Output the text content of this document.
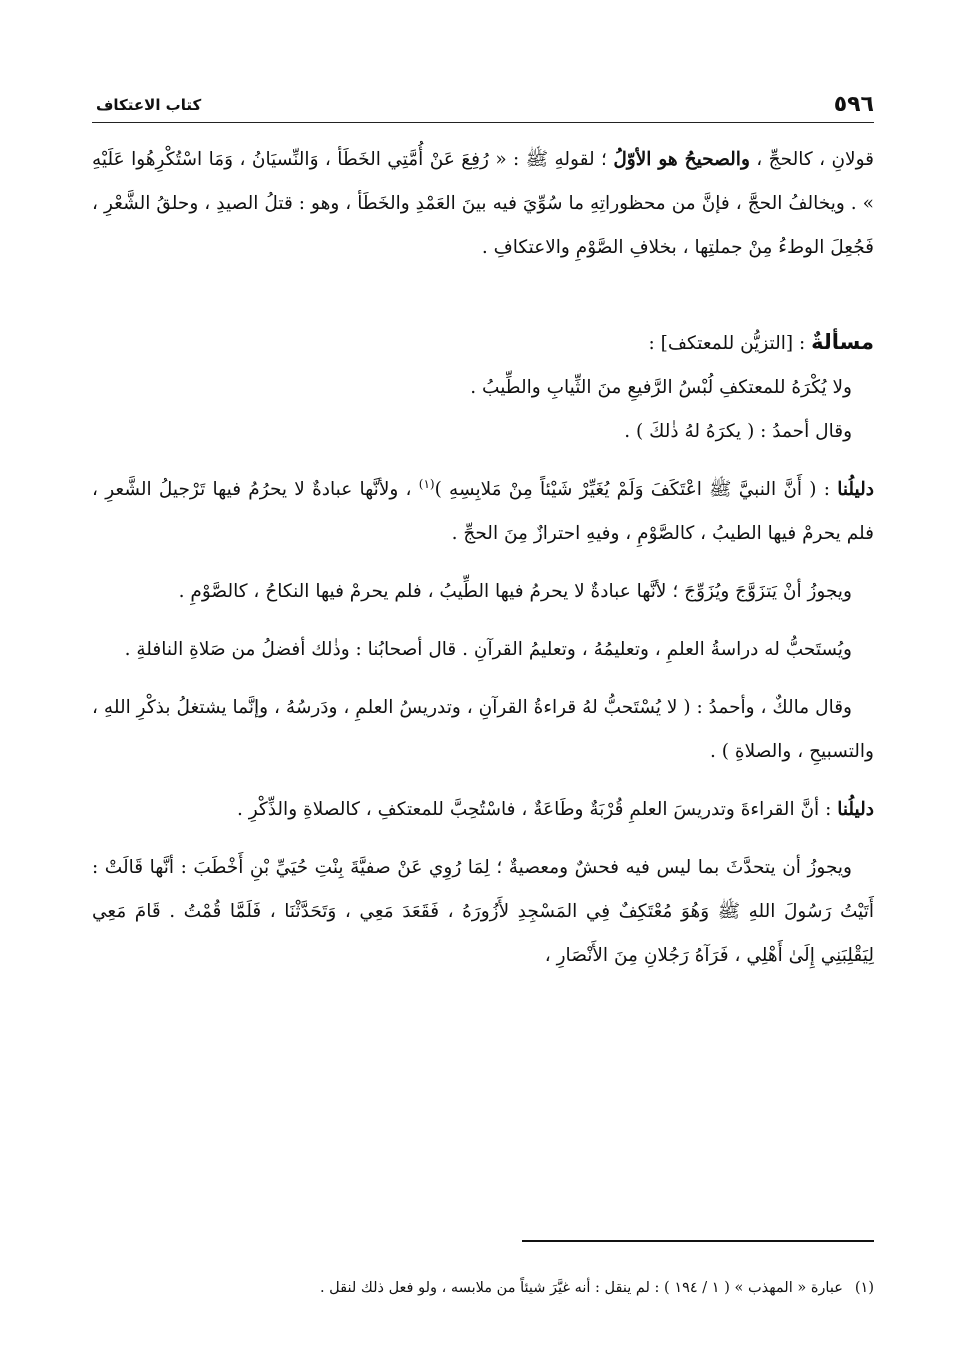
٥٩٦
كتاب الاعتكاف

قولانِ ، كالحجِّ ، والصحيحُ هو الأوّلُ ؛ لقولهِ ﷺ : « رُفِعَ عَنْ أُمَّتِي الخَطَأ ، وَالنِّسيَانُ ، وَمَا اسْتُكْرِهُوا عَلَيْهِ » . ويخالفُ الحجَّ ، فإنَّ من محظوراتِهِ ما سُوِّيَ فيه بينَ العَمْدِ والخَطَأ ، وهو : قتلُ الصيدِ ، وحلقُ الشَّعْرِ ، فَجُعِلَ الوطءُ مِنْ جملتِها ، بخلافِ الصَّوْمِ والاعتكافِ .

مسألةٌ : [التزيُّن للمعتكف] :

ولا يُكْرَهُ للمعتكفِ لُبْسُ الرَّفيعِ منَ الثِّيابِ والطِّيبُ .

وقال أحمدُ : ( يكرَهُ لهُ ذٰلكَ ) .

دليلُنا : ( أَنَّ النبيَّ ﷺ اعْتَكَفَ وَلَمْ يُغَيِّرْ شَيْئاً مِنْ مَلابِسِهِ )$^{(١)}$ ، ولأنَّها عبادةٌ لا يحرُمُ فيها تَرْجيلُ الشَّعرِ ، فلم يحرمْ فيها الطيبُ ، كالصَّوْمِ ، وفيهِ احترازٌ مِنَ الحجِّ .

ويجوزُ أنْ يَتزَوَّجَ ويُزَوِّجَ ؛ لأنَّها عبادةٌ لا يحرمُ فيها الطِّيبُ ، فلم يحرمْ فيها النكاحُ ، كالصَّوْمِ .

ويُستَحبُّ له دراسةُ العلمِ ، وتعليمُهُ ، وتعليمُ القرآنِ . قال أصحابُنا : وذٰلك أفضلُ من صَلاةِ النافلةِ .

وقال مالكٌ ، وأحمدُ : ( لا يُسْتَحبُّ لهُ قراءةُ القرآنِ ، وتدريسُ العلمِ ، ودَرسُهُ ، وإنَّما يشتغلُ بذكْرِ اللهِ ، والتسبيحِ ، والصلاةِ ) .

دليلُنا : أنَّ القراءةَ وتدريسَ العلمِ قُرْبَةٌ وطَاعَةٌ ، فاسْتُحِبَّ للمعتكفِ ، كالصلاةِ والذِّكْرِ .

ويجوزُ أن يتحدَّثَ بما ليس فيه فحشٌ ومعصيةٌ ؛ لِمَا رُوِي عَنْ صفيَّةَ بِنْتِ حُيَيِّ بْنِ أَخْطَبَ : أنَّها قَالَتْ : أَتَيْتُ رَسُولَ اللهِ ﷺ وَهُوَ مُعْتَكِفٌ فِي المَسْجِدِ لأَزُورَهُ ، فَقَعَدَ مَعِي ، وَتَحَدَّثْنَا ، فَلَمَّا قُمْتُ . قَامَ مَعِي لِيَقْلِبَنِي إِلَىٰ أَهْلِي ، فَرَآهُ رَجُلانِ مِنَ الأَنْصَارِ ،

(١)عبارة « المهذب » ( ١ / ١٩٤ ) : لم ينقل : أنه غيَّرَ شيئاً من ملابسه ، ولو فعل ذلك لنقل .
